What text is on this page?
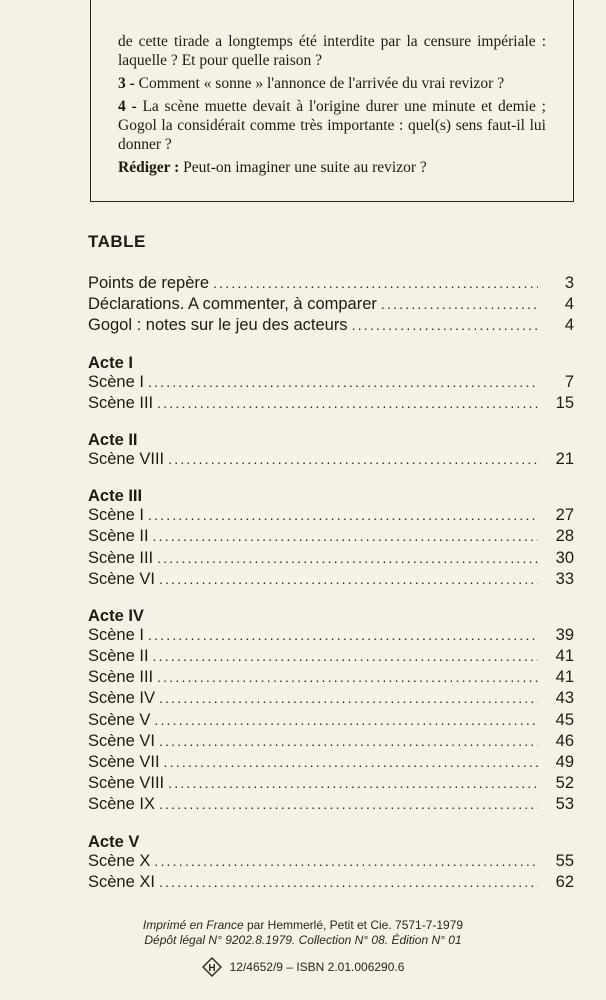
de cette tirade a longtemps été interdite par la censure impériale : laquelle ? Et pour quelle raison ?

3 - Comment « sonne » l'annonce de l'arrivée du vrai revizor ?

4 - La scène muette devait à l'origine durer une minute et demie ; Gogol la considérait comme très importante : quel(s) sens faut-il lui donner ?

Rédiger : Peut-on imaginer une suite au revizor ?

TABLE
Points de repère .....	3
Déclarations. A commenter, à comparer .....	4
Gogol : notes sur le jeu des acteurs .....	4
Acte I
Scène I .....	7
Scène III .....	15
Acte II
Scène VIII .....	21
Acte III
Scène I .....	27
Scène II .....	28
Scène III .....	30
Scène VI .....	33
Acte IV
Scène I .....	39
Scène II .....	41
Scène III .....	41
Scène IV .....	43
Scène V .....	45
Scène VI .....	46
Scène VII .....	49
Scène VIII .....	52
Scène IX .....	53
Acte V
Scène X .....	55
Scène XI .....	62
Imprimé en France par Hemmerlé, Petit et Cie. 7571-7-1979
Dépôt légal N° 9202.8.1979. Collection N° 08. Édition N° 01
H 12/4652/9 – ISBN 2.01.006290.6
